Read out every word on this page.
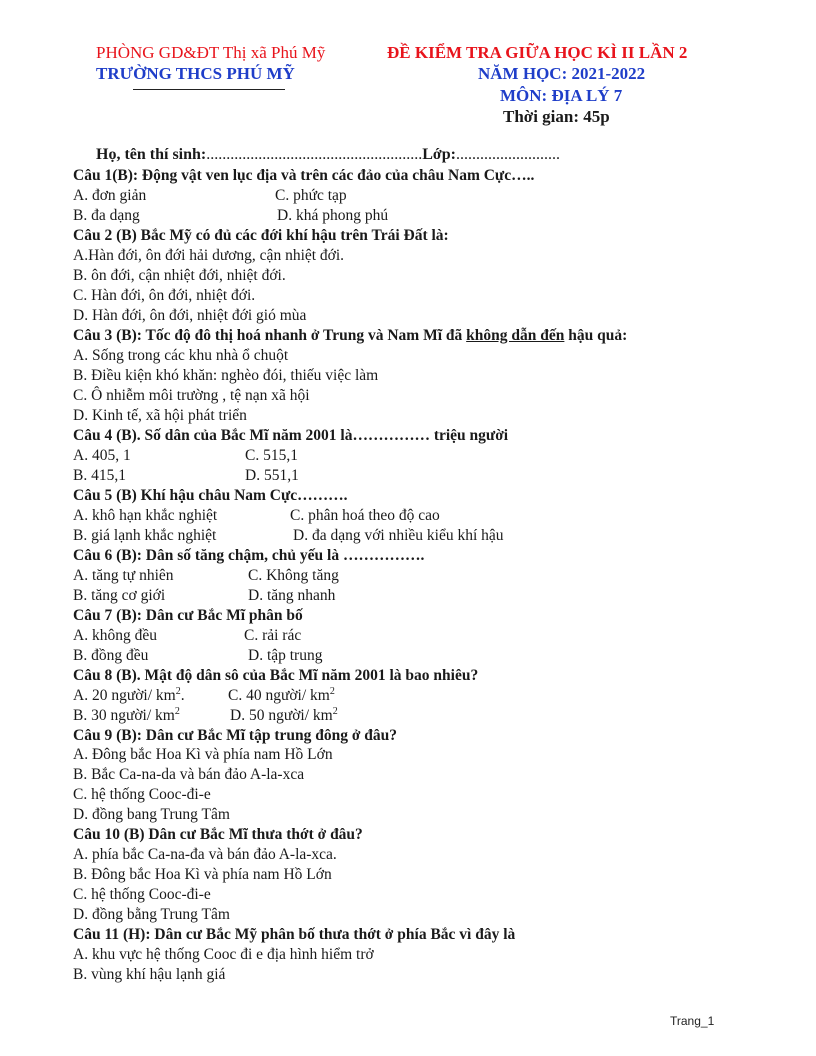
PHÒNG GD&ĐT Thị xã Phú Mỹ
TRƯỜNG THCS PHÚ MỸ
ĐỀ KIỂM TRA GIỮA HỌC KÌ II LẦN 2
NĂM HỌC: 2021-2022
MÔN: ĐỊA LÝ 7
Thời gian: 45p
Họ, tên thí sinh:......................................................Lớp:..........................
Câu 1(B): Động vật ven lục địa và trên các đảo của châu Nam Cực…..
A. đơn giản	C. phức tạp
B. đa dạng	D. khá phong phú
Câu 2 (B) Bắc Mỹ có đủ các đới khí hậu trên Trái Đất là:
A.Hàn đới, ôn đới hải dương, cận nhiệt đới.
B. ôn đới, cận nhiệt đới, nhiệt đới.
C. Hàn đới, ôn đới, nhiệt đới.
D. Hàn đới, ôn đới, nhiệt đới gió mùa
Câu 3 (B): Tốc độ đô thị hoá nhanh ở Trung và Nam Mĩ đã không dẫn đến hậu quả:
A. Sống trong các khu nhà ổ chuột
B. Điều kiện khó khăn: nghèo đói, thiếu việc làm
C. Ô nhiễm môi trường , tệ nạn xã hội
D. Kinh tế, xã hội phát triển
Câu 4 (B). Số dân của Bắc Mĩ năm 2001 là…………… triệu người
A. 405, 1	C. 515,1
B. 415,1	D. 551,1
Câu 5 (B) Khí hậu châu Nam Cực……….
A. khô hạn khắc nghiệt	C. phân hoá theo độ cao
B. giá lạnh khắc nghiệt	D. đa dạng với nhiều kiểu khí hậu
Câu 6 (B): Dân số tăng chậm, chủ yếu là …………….
A. tăng tự nhiên	C. Không tăng
B. tăng cơ giới	D. tăng nhanh
Câu 7 (B): Dân cư Bắc Mĩ phân bố
A. không đều	C. rải rác
B. đồng đều	D. tập trung
Câu 8 (B). Mật độ dân sô của Bắc Mĩ năm 2001 là bao nhiêu?
A. 20 người/ $km^2$.	C. 40 người/ $km^2$
B. 30 người/ $km^2$	D. 50 người/ $km^2$
Câu 9 (B): Dân cư Bắc Mĩ tập trung đông ở đâu?
A. Đông bắc Hoa Kì và phía nam Hồ Lớn
B. Bắc Ca-na-da và bán đảo A-la-xca
C. hệ thống Cooc-đi-e
D. đồng bang Trung Tâm
Câu 10 (B) Dân cư Bắc Mĩ thưa thớt ở đâu?
A. phía bắc Ca-na-đa và bán đảo A-la-xca.
B. Đông bắc Hoa Kì và phía nam Hồ Lớn
C. hệ thống Cooc-đi-e
D. đồng bằng Trung Tâm
Câu 11 (H): Dân cư Bắc Mỹ phân bố thưa thớt ở phía Bắc vì đây là
A. khu vực hệ thống Cooc đi e địa hình hiểm trở
B. vùng khí hậu lạnh giá
Trang_1
